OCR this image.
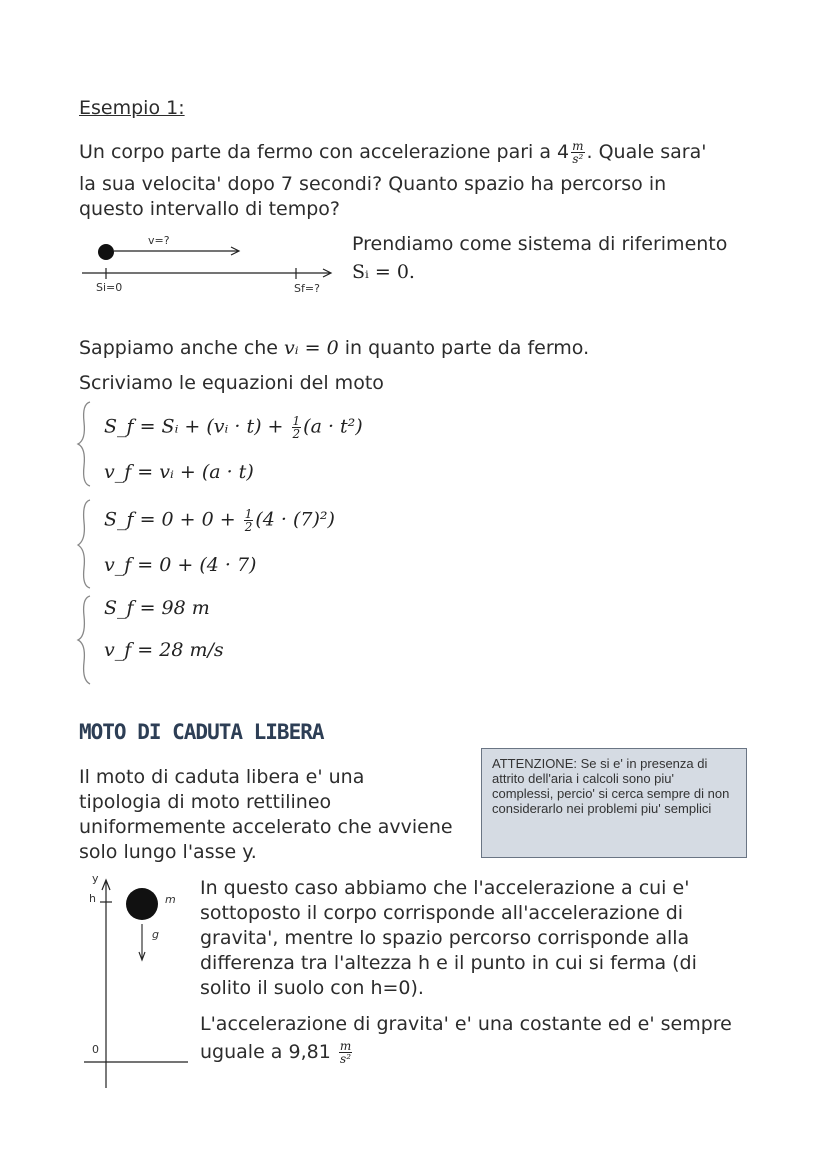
Esempio 1:
Un corpo parte da fermo con accelerazione pari a $4 \frac{m}{\text{s²}}$ . Quale sara'
la sua velocita' dopo 7 secondi? Quanto spazio ha percorso in
questo intervallo di tempo?
v=?
Si=0	Sf=?
Prendiamo come sistema di riferimento
Sᵢ = 0.
Sappiamo anche che vᵢ = 0 in quanto parte da fermo.
Scriviamo le equazioni del moto
S_f = Sᵢ + (vᵢ · $t) + \frac{1}{2} (a \cdot t^2)$
v_f = vᵢ + (a · t)
S_f = $0 + 0 + \frac{1}{2} (4 \cdot (7)^2)$
v_f = 0 + (4 · 7)
S_f = 98 m
v_f = 28 m/s
MOTO DI CADUTA LIBERA
Il moto di caduta libera e' una
tipologia di moto rettilineo
uniformemente accelerato che avviene
solo lungo l'asse y.
ATTENZIONE: Se si e' in presenza di attrito dell'aria i calcoli sono piu' complessi, percio' si cerca sempre di non considerarlo nei problemi piu' semplici
y
h
0
m
g
In questo caso abbiamo che l'accelerazione a cui e'
sottoposto il corpo corrisponde all'accelerazione di
gravita', mentre lo spazio percorso corrisponde alla
differenza tra l'altezza h e il punto in cui si ferma (di
solito il suolo con h=0).
L'accelerazione di gravita' e' una costante ed e' sempre
uguale a $9,81 \frac{m}{\text{s²}}$
